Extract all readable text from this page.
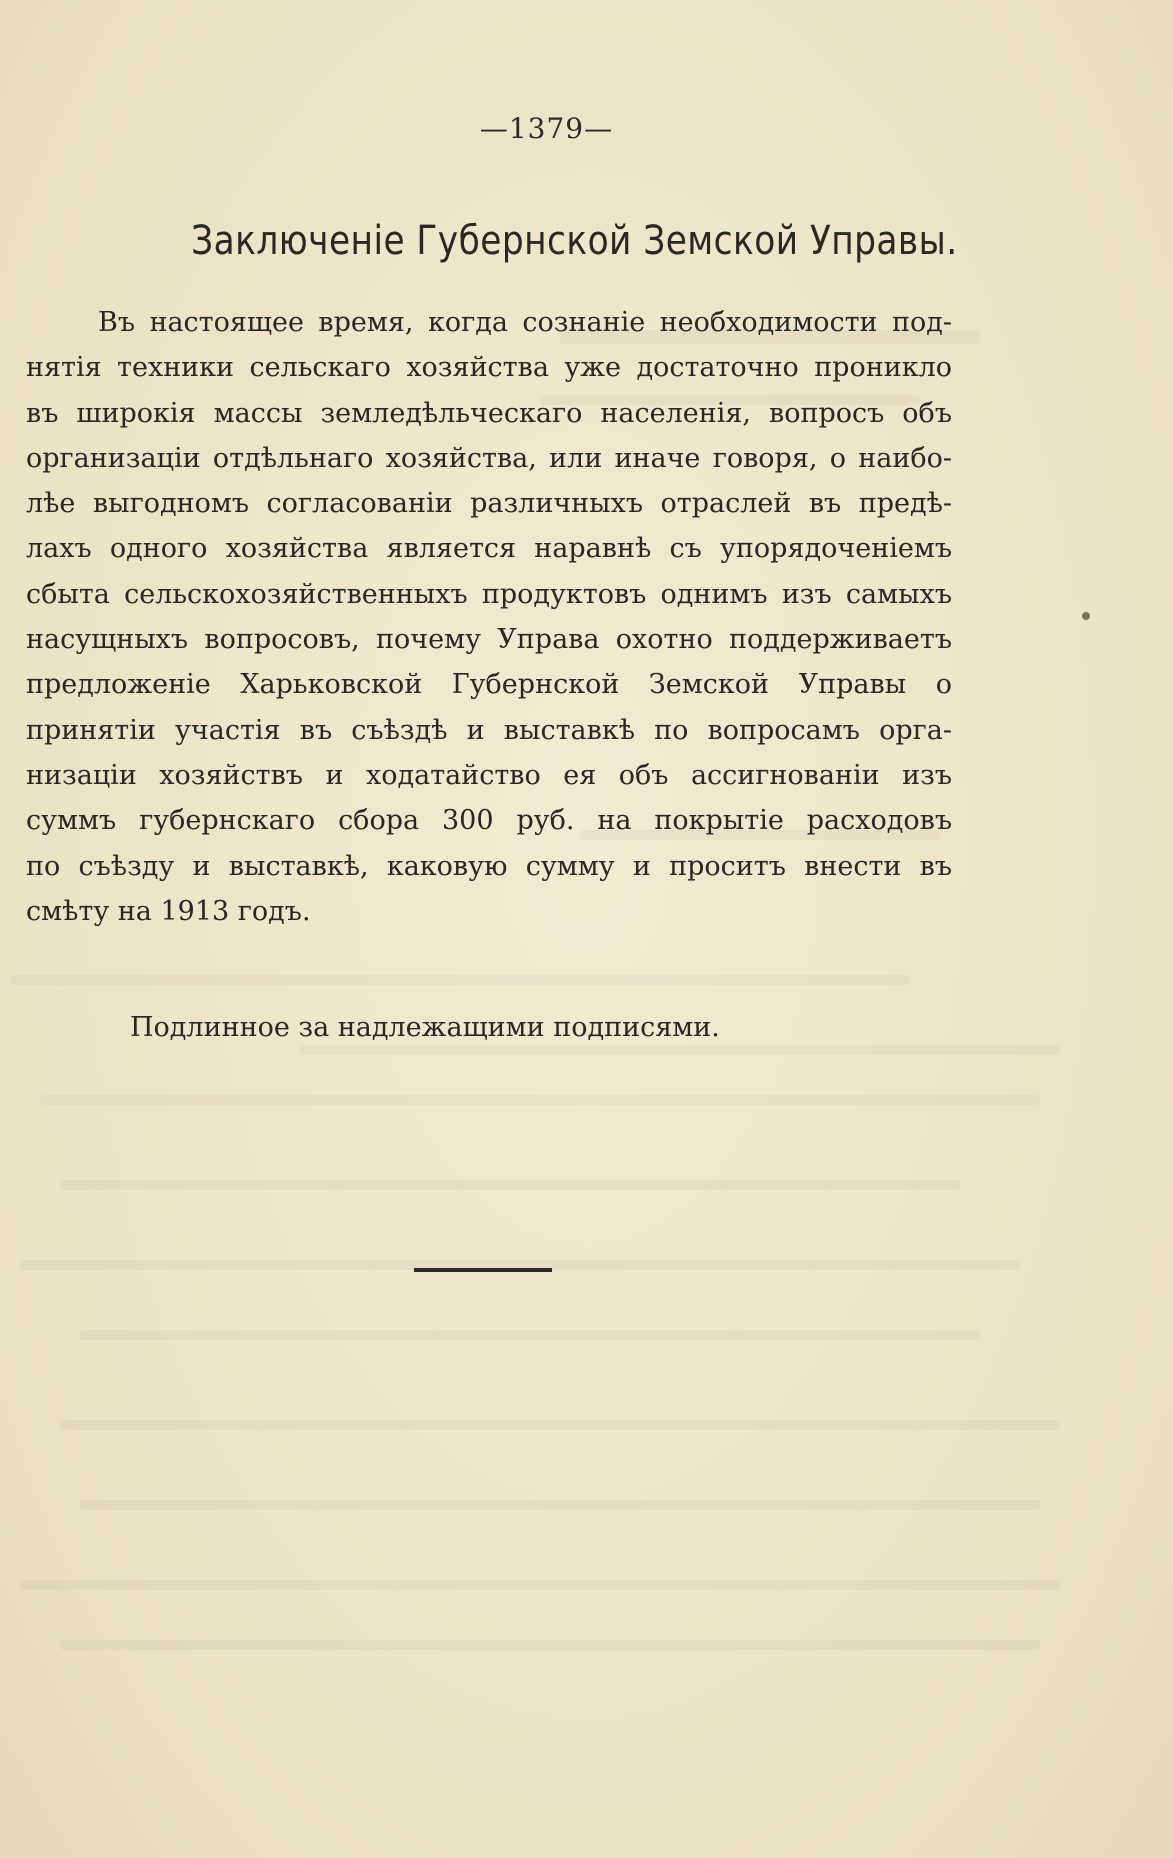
—1379—
Заключеніе Губернской Земской Управы.
Въ настоящее время, когда сознаніе необходимости под-
нятія техники сельскаго хозяйства уже достаточно проникло
въ широкія массы земледѣльческаго населенія, вопросъ объ
организаціи отдѣльнаго хозяйства, или иначе говоря, о наибо-
лѣе выгодномъ согласованіи различныхъ отраслей въ предѣ-
лахъ одного хозяйства является наравнѣ съ упорядоченіемъ
сбыта сельскохозяйственныхъ продуктовъ однимъ изъ самыхъ
насущныхъ вопросовъ, почему Управа охотно поддерживаетъ
предложеніе Харьковской Губернской Земской Управы о
принятіи участія въ съѣздѣ и выставкѣ по вопросамъ орга-
низаціи хозяйствъ и ходатайство ея объ ассигнованіи изъ
суммъ губернскаго сбора 300 руб. на покрытіе расходовъ
по съѣзду и выставкѣ, каковую сумму и проситъ внести въ
смѣту на 1913 годъ.
Подлинное за надлежащими подписями.
